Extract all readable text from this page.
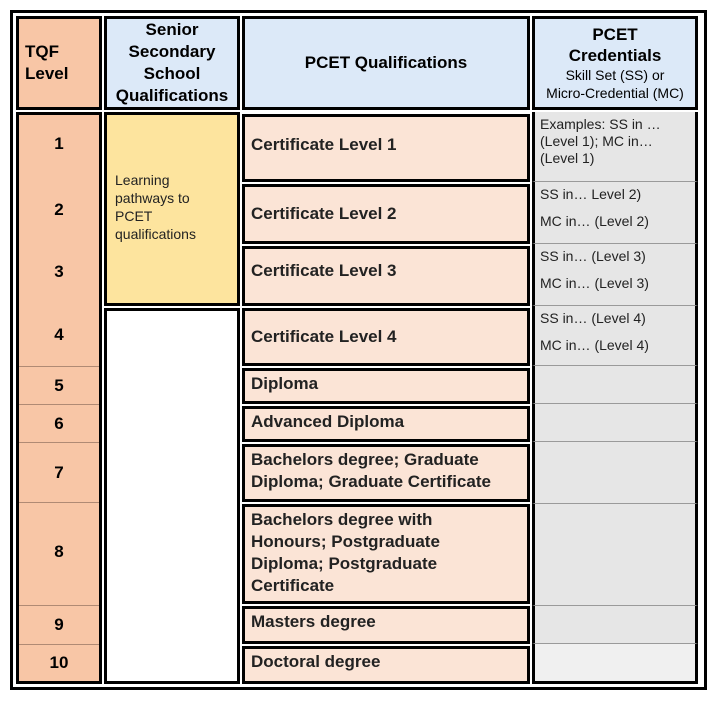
TQF
Level
Senior
Secondary
School
Qualifications
PCET Qualifications
PCET
Credentials
Skill Set (SS) or
Micro-Credential (MC)
1
2
3
4
5
6
7
8
9
10
Learning pathways to PCET qualifications
Certificate Level 1
Certificate Level 2
Certificate Level 3
Certificate Level 4
Diploma
Advanced Diploma
Bachelors degree; Graduate Diploma; Graduate Certificate
Bachelors degree with Honours; Postgraduate Diploma; Postgraduate Certificate
Masters degree
Doctoral degree
Examples: SS in … (Level 1); MC in… (Level 1)
SS in… Level 2)
MC in… (Level 2)
SS in… (Level 3)
MC in… (Level 3)
SS in… (Level 4)
MC in… (Level 4)
